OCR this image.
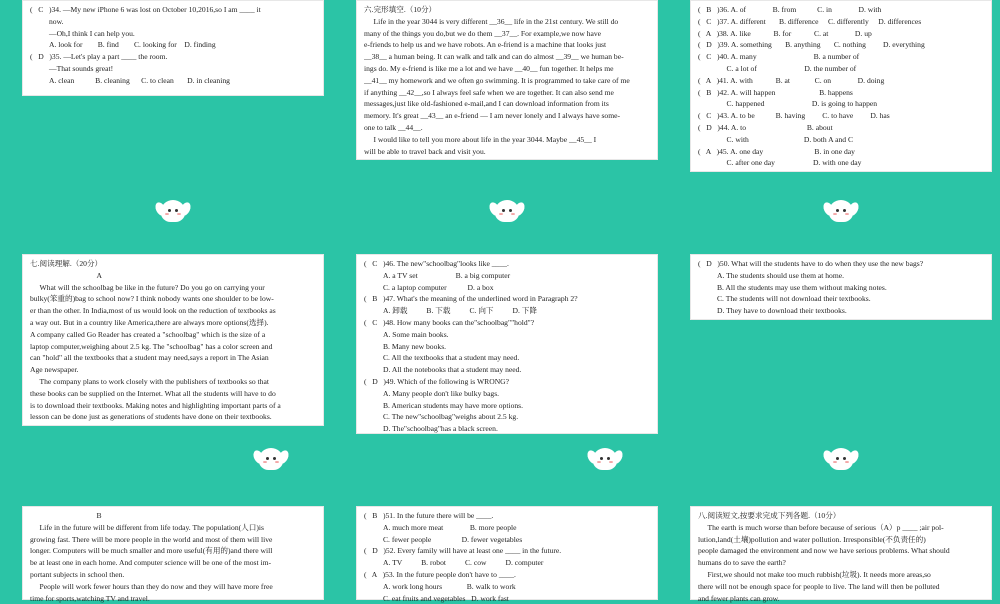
(   C   )34. —My new iPhone 6 was lost on October 10,2016,so I am ____ it
now.
—Oh,I think I can help you.
A. look for        B. find        C. looking for    D. finding
(   D   )35. —Let's play a part ____ the room.
—That sounds great!
A. clean           B. cleaning      C. to clean       D. in cleaning
六.完形填空.（10分）
Life in the year 3044 is very different __36__ life in the 21st century. We still do
many of the things you do,but we do them __37__. For example,we now have
e-friends to help us and we have robots. An e-friend is a machine that looks just
__38__ a human being. It can walk and talk and can do almost __39__ we human be-
ings do. My e-friend is like me a lot and we have __40__ fun together. It helps me
__41__ my homework and we often go swimming. It is programmed to take care of me
if anything __42__,so I always feel safe when we are together. It can also send me
messages,just like old-fashioned e-mail,and I can download information from its
memory. It's great __43__ an e-friend — I am never lonely and I always have some-
one to talk __44__.
I would like to tell you more about life in the year 3044. Maybe __45__ I
will be able to travel back and visit you.
(   B   )36. A. of              B. from           C. in              D. with
(   C   )37. A. different       B. difference     C. differently     D. differences
(   A   )38. A. like            B. for            C. at              D. up
(   D   )39. A. something       B. anything       C. nothing         D. everything
(   C   )40. A. many                              B. a number of
C. a lot of                         D. the number of
(   A   )41. A. with            B. at             C. on              D. doing
(   B   )42. A. will happen                       B. happens
C. happened                         D. is going to happen
(   C   )43. A. to be           B. having         C. to have         D. has
(   D   )44. A. to                                B. about
C. with                             D. both A and C
(   A   )45. A. one day                           B. in one day
C. after one day                    D. with one day
七.阅读理解.（20分）
A
What will the schoolbag be like in the future? Do you go on carrying your
bulky(笨重的)bag to school now? I think nobody wants one shoulder to be low-
er than the other. In India,most of us would look on the reduction of textbooks as
a way out. But in a country like America,there are always more options(选择).
A company called Go Reader has created a "schoolbag" which is the size of a
laptop computer,weighing about 2.5 kg. The "schoolbag" has a color screen and
can "hold" all the textbooks that a student may need,says a report in The Asian
Age newspaper.
The company plans to work closely with the publishers of textbooks so that
these books can be supplied on the Internet. What all the students will have to do
is to download their textbooks. Making notes and highlighting important parts of a
lesson can be done just as generations of students have done on their textbooks.
(   C   )46. The new"schoolbag"looks like ____.
A. a TV set                    B. a big computer
C. a laptop computer           D. a box
(   B   )47. What's the meaning of the underlined word in Paragraph 2?
A. 卸载          B. 下载          C. 向下          D. 下降
(   C   )48. How many books can the"schoolbag""hold"?
A. Some main books.
B. Many new books.
C. All the textbooks that a student may need.
D. All the notebooks that a student may need.
(   D   )49. Which of the following is WRONG?
A. Many people don't like bulky bags.
B. American students may have more options.
C. The new"schoolbag"weighs about 2.5 kg.
D. The"schoolbag"has a black screen.
(   D   )50. What will the students have to do when they use the new bags?
A. The students should use them at home.
B. All the students may use them without making notes.
C. The students will not download their textbooks.
D. They have to download their textbooks.
B
Life in the future will be different from life today. The population(人口)is
growing fast. There will be more people in the world and most of them will live
longer. Computers will be much smaller and more useful(有用的)and there will
be at least one in each home. And computer science will be one of the most im-
portant subjects in school then.
People will work fewer hours than they do now and they will have more free
time for sports,watching TV and travel.
(   B   )51. In the future there will be ____.
A. much more meat              B. more people
C. fewer people                D. fewer vegetables
(   D   )52. Every family will have at least one ____ in the future.
A. TV          B. robot          C. cow          D. computer
(   A   )53. In the future people don't have to ____.
A. work long hours             B. walk to work
C. eat fruits and vegetables   D. work fast
八.阅读短文,按要求完成下列各题.（10分）
The earth is much worse than before because of serious（A）p ____ ;air pol-
lution,land(土壤)pollution and water pollution. Irresponsible(不负责任的)
people damaged the environment and now we have serious problems. What should
humans do to save the earth?
First,we should not make too much rubbish(垃圾). It needs more areas,so
there will not be enough space for people to live. The land will then be polluted
and fewer plants can grow.
